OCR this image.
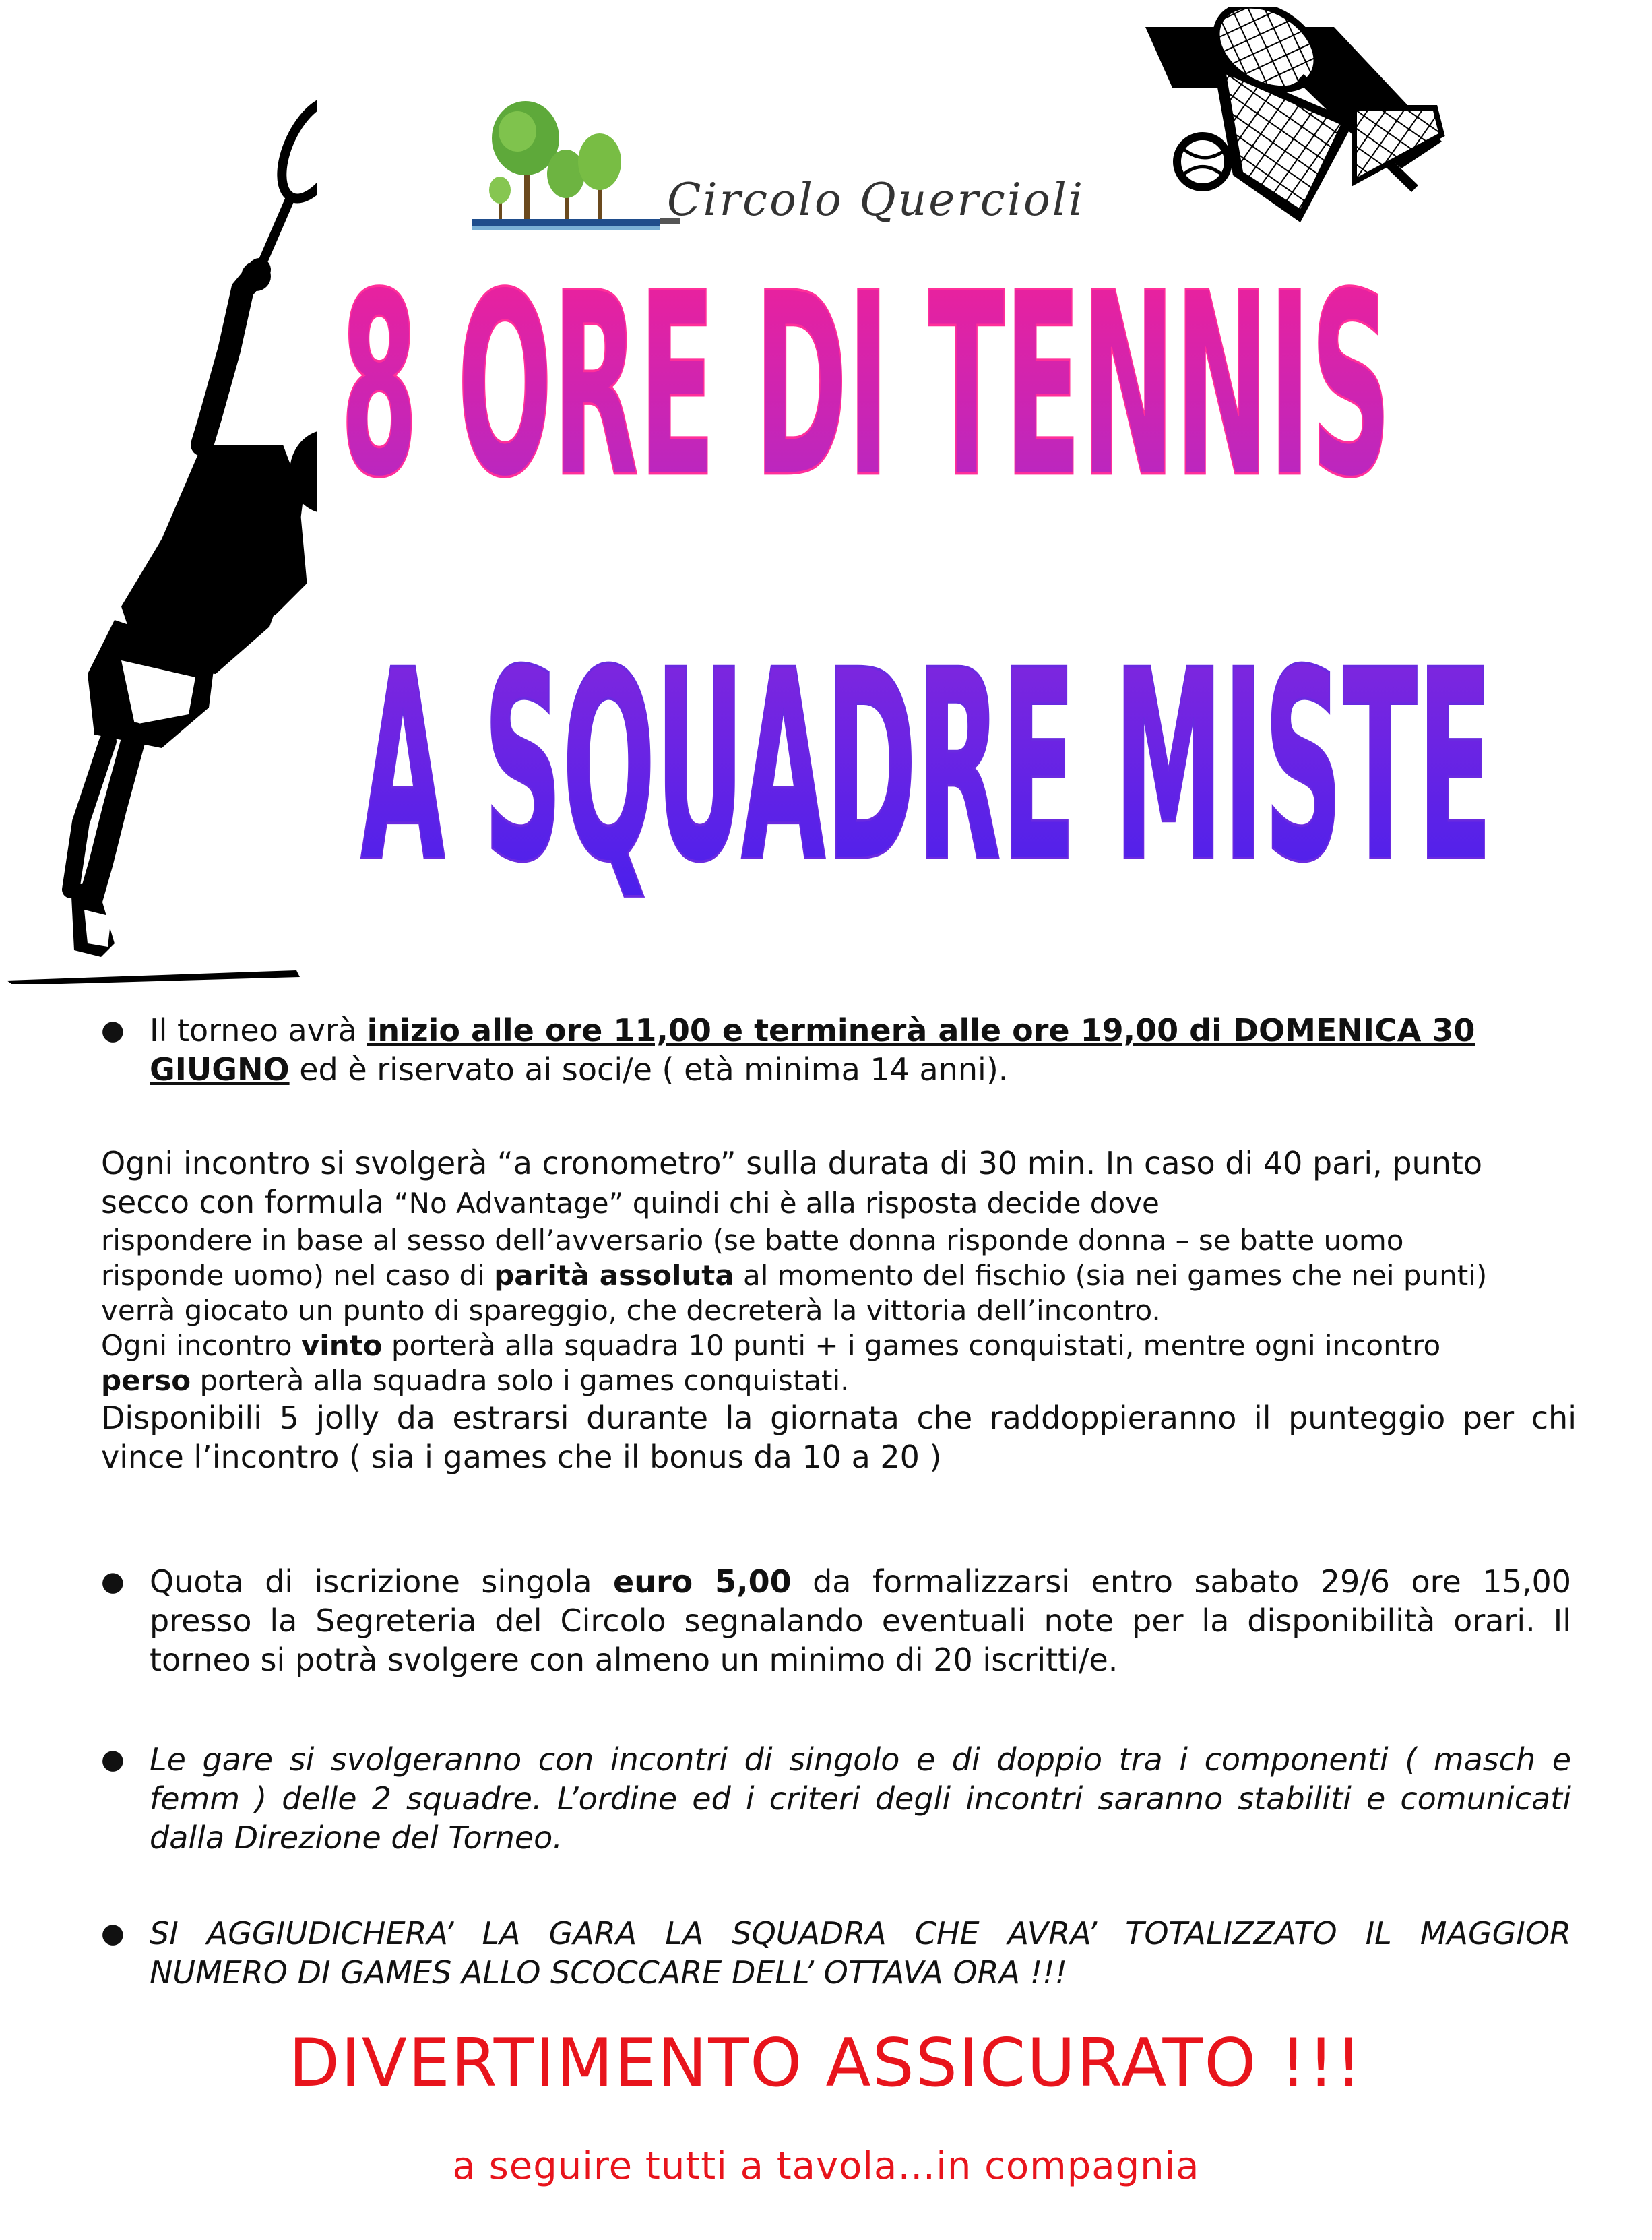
Circolo Quercioli
8 ORE DI TENNIS
A SQUADRE MISTE
● Il torneo avrà inizio alle ore 11,00 e terminerà alle ore 19,00 di DOMENICA 30
GIUGNO ed è riservato ai soci/e ( età minima 14 anni).
Ogni incontro si svolgerà “a cronometro” sulla durata di 30 min. In caso di 40 pari, punto
secco con formula “No Advantage” quindi chi è alla risposta decide dove
rispondere in base al sesso dell’avversario (se batte donna risponde donna – se batte uomo
risponde uomo) nel caso di parità assoluta al momento del fischio (sia nei games che nei punti)
verrà giocato un punto di spareggio, che decreterà la vittoria dell’incontro.
Ogni incontro vinto porterà alla squadra 10 punti + i games conquistati, mentre ogni incontro
perso porterà alla squadra solo i games conquistati.
Disponibili 5 jolly da estrarsi durante la giornata che raddoppieranno il punteggio per chi
vince l’incontro ( sia i games che il bonus da 10 a 20 )
● Quota di iscrizione singola euro 5,00 da formalizzarsi entro sabato 29/6 ore 15,00
presso la Segreteria del Circolo segnalando eventuali note per la disponibilità orari. Il
torneo si potrà svolgere con almeno un minimo di 20 iscritti/e.
● Le gare si svolgeranno con incontri di singolo e di doppio tra i componenti ( masch e
femm ) delle 2 squadre. L’ordine ed i criteri degli incontri saranno stabiliti e comunicati
dalla Direzione del Torneo.
● SI AGGIUDICHERA’ LA GARA LA SQUADRA CHE AVRA’ TOTALIZZATO IL MAGGIOR
NUMERO DI GAMES ALLO SCOCCARE DELL’ OTTAVA ORA !!!
DIVERTIMENTO ASSICURATO !!!
a seguire tutti a tavola…in compagnia
